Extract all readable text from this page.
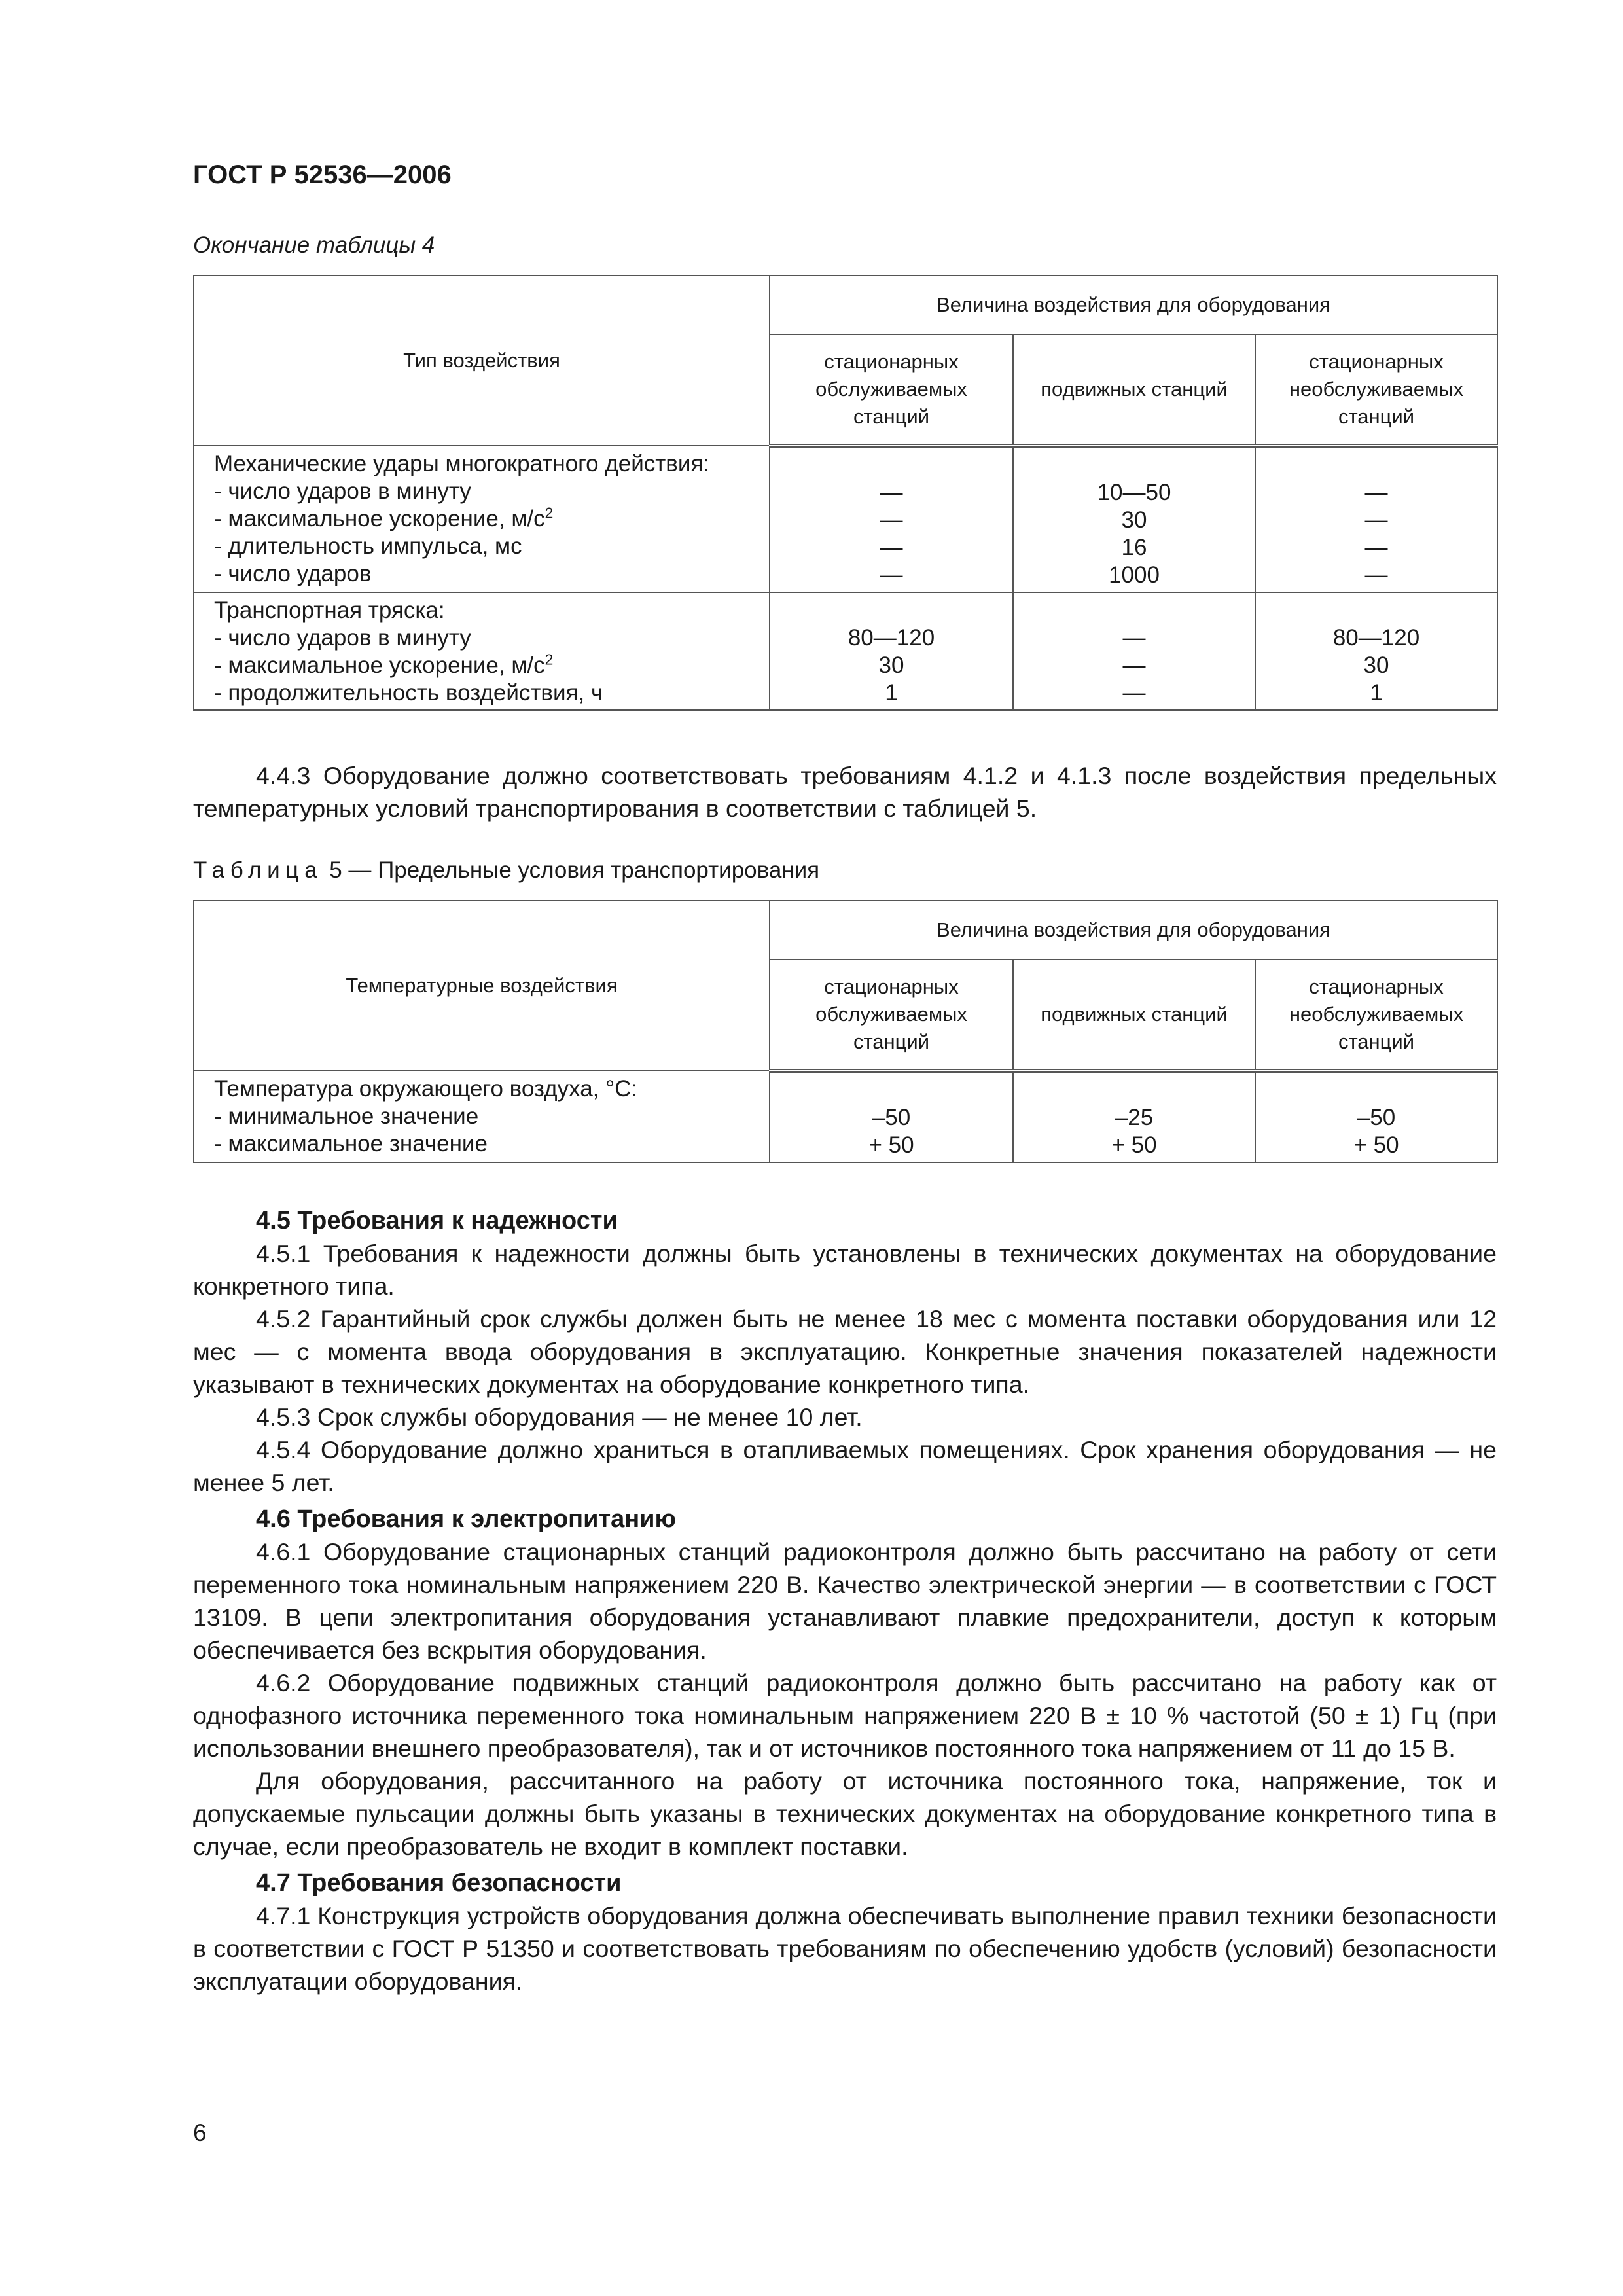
ГОСТ Р 52536—2006
Окончание таблицы 4
Тип воздействия	Величина воздействия для оборудования		

	стационарных
обслуживаемых
станций	подвижных станций	стационарных
необслуживаемых
станций

Механические удары многократного действия:
- число ударов в минуту
- максимальное ускорение, $м/с^2$
- длительность импульса, мс
- число ударов	—
—
—
—	10—50
30
16
1000	—
—
—
—

Транспортная тряска:
- число ударов в минуту
- максимальное ускорение, $м/с^2$
- продолжительность воздействия, ч	80—120
30
1	—
—
—	80—120
30
1

4.4.3 Оборудование должно соответствовать требованиям 4.1.2 и 4.1.3 после воздействия предельных температурных условий транспортирования в соответствии с таблицей 5.

Таблица 5 — Предельные условия транспортирования
Температурные воздействия	Величина воздействия для оборудования		

	стационарных
обслуживаемых
станций	подвижных станций	стационарных
необслуживаемых
станций

Температура окружающего воздуха, °С:
- минимальное значение
- максимальное значение	–50
+ 50	–25
+ 50	–50
+ 50
4.5 Требования к надежности

4.5.1 Требования к надежности должны быть установлены в технических документах на оборудование конкретного типа.

4.5.2 Гарантийный срок службы должен быть не менее 18 мес с момента поставки оборудования или 12 мес — с момента ввода оборудования в эксплуатацию. Конкретные значения показателей надежности указывают в технических документах на оборудование конкретного типа.

4.5.3 Срок службы оборудования — не менее 10 лет.

4.5.4 Оборудование должно храниться в отапливаемых помещениях. Срок хранения оборудования — не менее 5 лет.

4.6 Требования к электропитанию

4.6.1 Оборудование стационарных станций радиоконтроля должно быть рассчитано на работу от сети переменного тока номинальным напряжением 220 В. Качество электрической энергии — в соответствии с ГОСТ 13109. В цепи электропитания оборудования устанавливают плавкие предохранители, доступ к которым обеспечивается без вскрытия оборудования.

4.6.2 Оборудование подвижных станций радиоконтроля должно быть рассчитано на работу как от однофазного источника переменного тока номинальным напряжением 220 В ± 10 % частотой (50 ± 1) Гц (при использовании внешнего преобразователя), так и от источников постоянного тока напряжением от 11 до 15 В.

Для оборудования, рассчитанного на работу от источника постоянного тока, напряжение, ток и допускаемые пульсации должны быть указаны в технических документах на оборудование конкретного типа в случае, если преобразователь не входит в комплект поставки.

4.7 Требования безопасности

4.7.1 Конструкция устройств оборудования должна обеспечивать выполнение правил техники безопасности в соответствии с ГОСТ Р 51350 и соответствовать требованиям по обеспечению удобств (условий) безопасности эксплуатации оборудования.

6
